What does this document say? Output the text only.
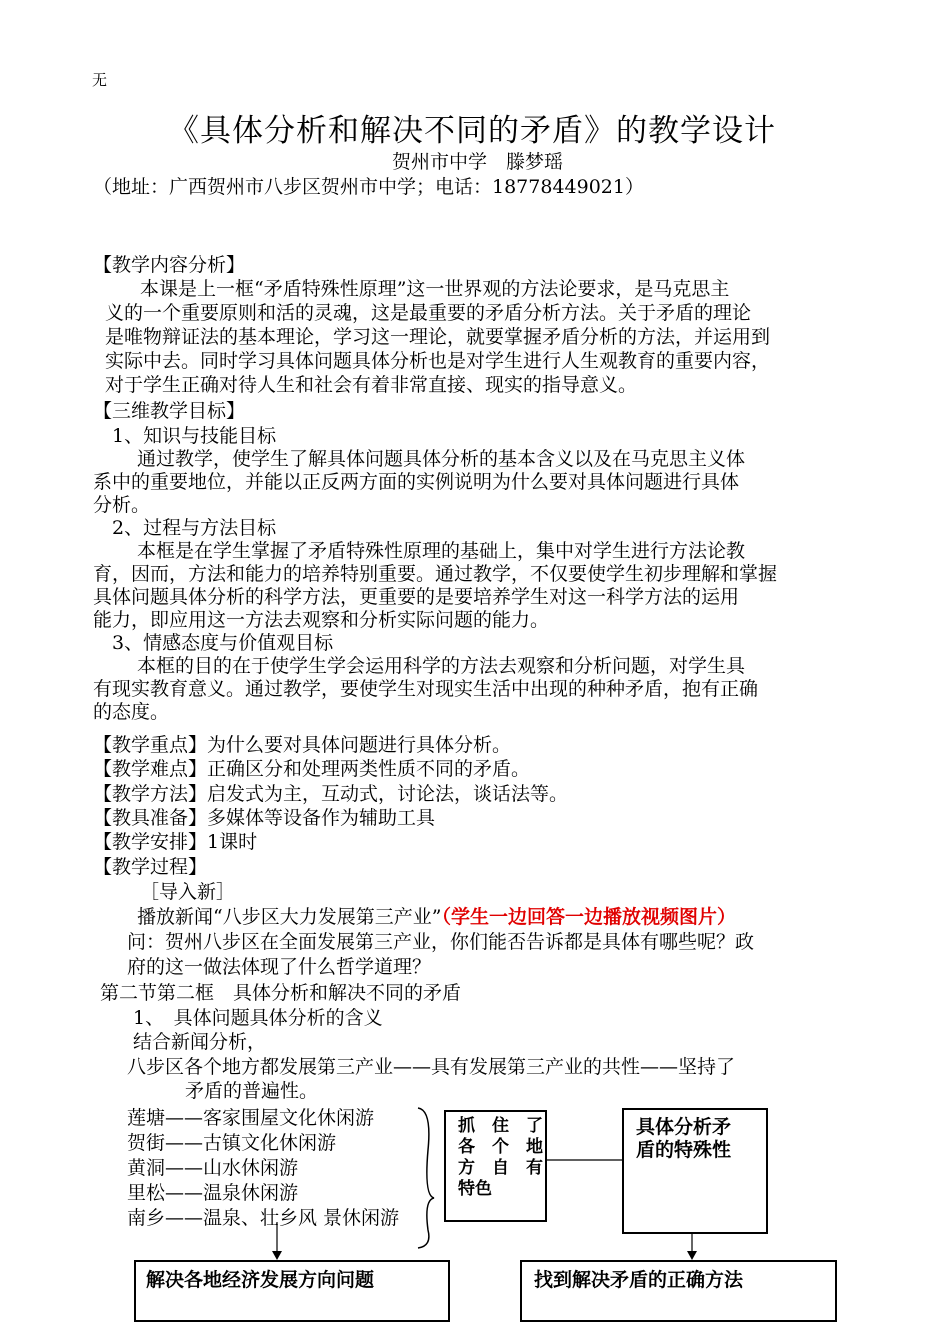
无
《具体分析和解决不同的矛盾》的教学设计
贺州市中学　滕梦瑶
（地址：广西贺州市八步区贺州市中学；电话：18778449021）
【教学内容分析】
本课是上一框“矛盾特殊性原理”这一世界观的方法论要求，是马克思主
义的一个重要原则和活的灵魂，这是最重要的矛盾分析方法。关于矛盾的理论
是唯物辩证法的基本理论，学习这一理论，就要掌握矛盾分析的方法，并运用到
实际中去。同时学习具体问题具体分析也是对学生进行人生观教育的重要内容，
对于学生正确对待人生和社会有着非常直接、现实的指导意义。
【三维教学目标】
1、知识与技能目标
通过教学，使学生了解具体问题具体分析的基本含义以及在马克思主义体
系中的重要地位，并能以正反两方面的实例说明为什么要对具体问题进行具体
分析。
2、过程与方法目标
本框是在学生掌握了矛盾特殊性原理的基础上，集中对学生进行方法论教
育，因而，方法和能力的培养特别重要。通过教学，不仅要使学生初步理解和掌握
具体问题具体分析的科学方法，更重要的是要培养学生对这一科学方法的运用
能力，即应用这一方法去观察和分析实际问题的能力。
3、情感态度与价值观目标
本框的目的在于使学生学会运用科学的方法去观察和分析问题，对学生具
有现实教育意义。通过教学，要使学生对现实生活中出现的种种矛盾，抱有正确
的态度。
【教学重点】为什么要对具体问题进行具体分析。
【教学难点】正确区分和处理两类性质不同的矛盾。
【教学方法】启发式为主，互动式，讨论法，谈话法等。
【教具准备】多媒体等设备作为辅助工具
【教学安排】1课时
【教学过程】
［导入新］
播放新闻“八步区大力发展第三产业”（学生一边回答一边播放视频图片）
问：贺州八步区在全面发展第三产业，你们能否告诉都是具体有哪些呢？政
府的这一做法体现了什么哲学道理？
第二节第二框　具体分析和解决不同的矛盾
1、　具体问题具体分析的含义
结合新闻分析，
八步区各个地方都发展第三产业——具有发展第三产业的共性——坚持了
矛盾的普遍性。
莲塘——客家围屋文化休闲游
贺街——古镇文化休闲游
黄洞——山水休闲游
里松——温泉休闲游
南乡——温泉、壮乡风 景休闲游
抓　住　了
各　个　地
方　自　有
特色
具体分析矛
盾的特殊性
解决各地经济发展方向问题	找到解决矛盾的正确方法
